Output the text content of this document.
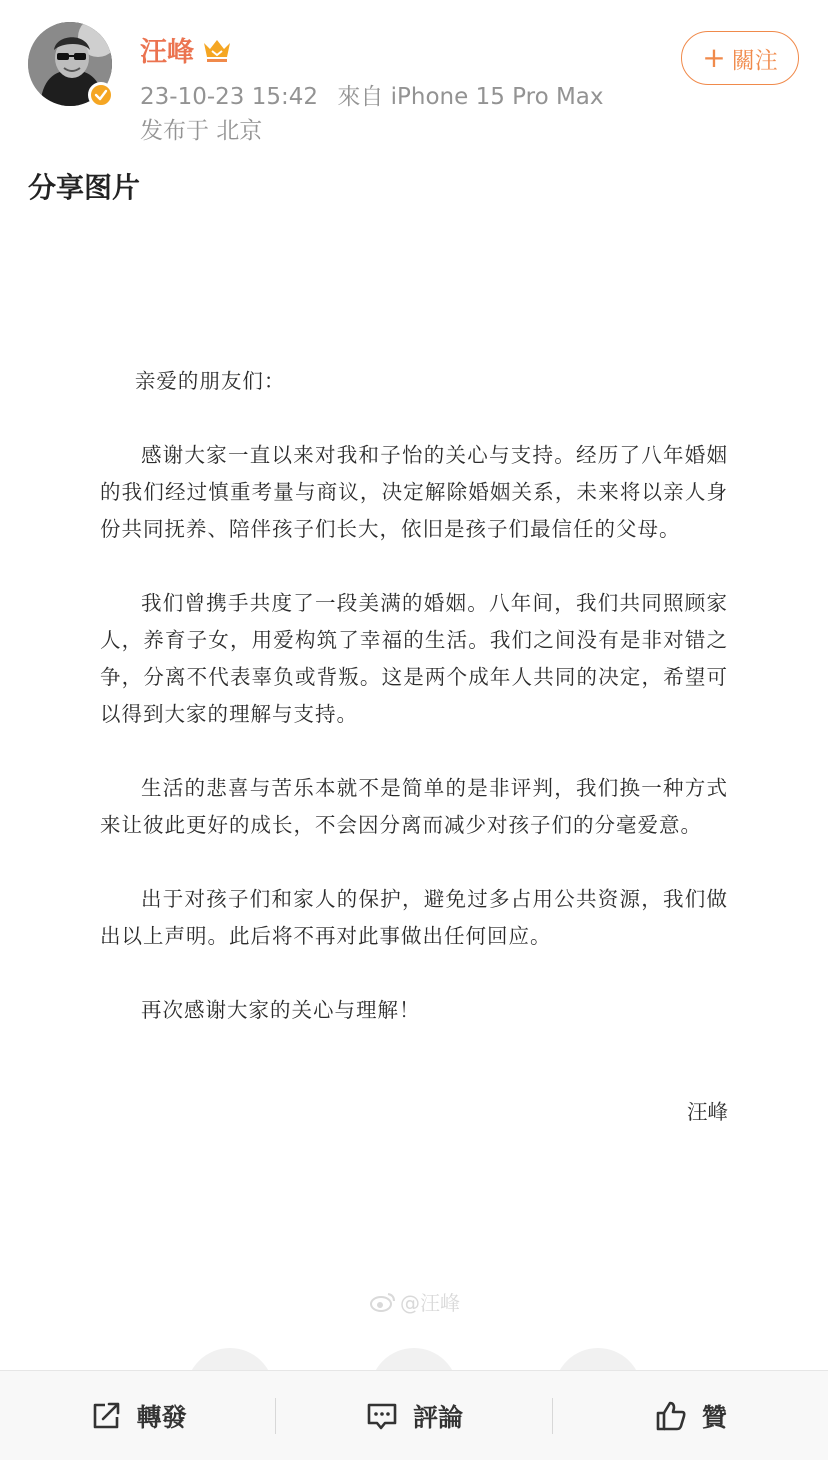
汪峰
23-10-23 15:42 來自 iPhone 15 Pro Max
发布于 北京
+ 關注
分享图片

亲爱的朋友们：

感谢大家一直以来对我和子怡的关心与支持。经历了八年婚姻的我们经过慎重考量与商议，决定解除婚姻关系，未来将以亲人身份共同抚养、陪伴孩子们长大，依旧是孩子们最信任的父母。

我们曾携手共度了一段美满的婚姻。八年间，我们共同照顾家人，养育子女，用爱构筑了幸福的生活。我们之间没有是非对错之争，分离不代表辜负或背叛。这是两个成年人共同的决定，希望可以得到大家的理解与支持。

生活的悲喜与苦乐本就不是简单的是非评判，我们换一种方式来让彼此更好的成长，不会因分离而减少对孩子们的分毫爱意。

出于对孩子们和家人的保护，避免过多占用公共资源，我们做出以上声明。此后将不再对此事做出任何回应。

再次感谢大家的关心与理解！

汪峰
@汪峰
轉發	評論	贊
